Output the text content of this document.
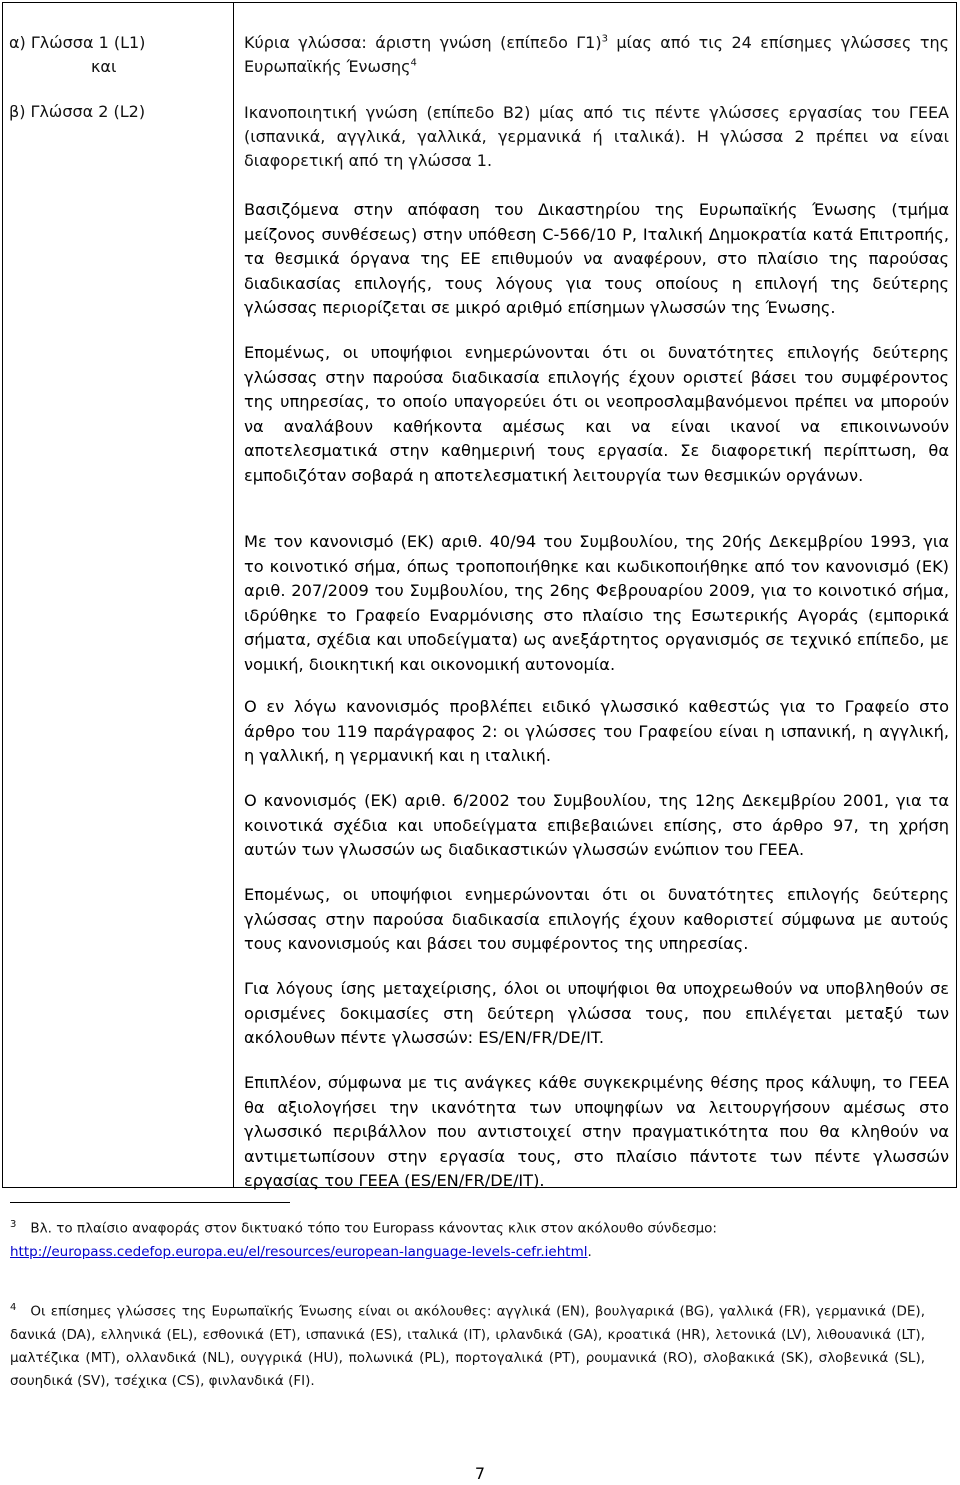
α) Γλώσσα 1 (L1)
και
β) Γλώσσα 2 (L2)
Κύρια γλώσσα: άριστη γνώση (επίπεδο Γ1)$^3$ μίας από τις 24 επίσημες γλώσσες της Ευρωπαϊκής Ένωσης$^4$
Ικανοποιητική γνώση (επίπεδο B2) μίας από τις πέντε γλώσσες εργασίας του ΓΕΕΑ (ισπανικά, αγγλικά, γαλλικά, γερμανικά ή ιταλικά). Η γλώσσα 2 πρέπει να είναι διαφορετική από τη γλώσσα 1.
Βασιζόμενα στην απόφαση του Δικαστηρίου της Ευρωπαϊκής Ένωσης (τμήμα μείζονος συνθέσεως) στην υπόθεση C-566/10 P, Ιταλική Δημοκρατία κατά Επιτροπής, τα θεσμικά όργανα της ΕΕ επιθυμούν να αναφέρουν, στο πλαίσιο της παρούσας διαδικασίας επιλογής, τους λόγους για τους οποίους η επιλογή της δεύτερης γλώσσας περιορίζεται σε μικρό αριθμό επίσημων γλωσσών της Ένωσης.
Επομένως, οι υποψήφιοι ενημερώνονται ότι οι δυνατότητες επιλογής δεύτερης γλώσσας στην παρούσα διαδικασία επιλογής έχουν οριστεί βάσει του συμφέροντος της υπηρεσίας, το οποίο υπαγορεύει ότι οι νεοπροσλαμβανόμενοι πρέπει να μπορούν να αναλάβουν καθήκοντα αμέσως και να είναι ικανοί να επικοινωνούν αποτελεσματικά στην καθημερινή τους εργασία. Σε διαφορετική περίπτωση, θα εμποδιζόταν σοβαρά η αποτελεσματική λειτουργία των θεσμικών οργάνων.
Με τον κανονισμό (ΕΚ) αριθ. 40/94 του Συμβουλίου, της 20ής Δεκεμβρίου 1993, για το κοινοτικό σήμα, όπως τροποποιήθηκε και κωδικοποιήθηκε από τον κανονισμό (ΕΚ) αριθ. 207/2009 του Συμβουλίου, της 26ης Φεβρουαρίου 2009, για το κοινοτικό σήμα, ιδρύθηκε το Γραφείο Εναρμόνισης στο πλαίσιο της Εσωτερικής Αγοράς (εμπορικά σήματα, σχέδια και υποδείγματα) ως ανεξάρτητος οργανισμός σε τεχνικό επίπεδο, με νομική, διοικητική και οικονομική αυτονομία.
Ο εν λόγω κανονισμός προβλέπει ειδικό γλωσσικό καθεστώς για το Γραφείο στο άρθρο του 119 παράγραφος 2: οι γλώσσες του Γραφείου είναι η ισπανική, η αγγλική, η γαλλική, η γερμανική και η ιταλική.
Ο κανονισμός (ΕΚ) αριθ. 6/2002 του Συμβουλίου, της 12ης Δεκεμβρίου 2001, για τα κοινοτικά σχέδια και υποδείγματα επιβεβαιώνει επίσης, στο άρθρο 97, τη χρήση αυτών των γλωσσών ως διαδικαστικών γλωσσών ενώπιον του ΓΕΕΑ.
Επομένως, οι υποψήφιοι ενημερώνονται ότι οι δυνατότητες επιλογής δεύτερης γλώσσας στην παρούσα διαδικασία επιλογής έχουν καθοριστεί σύμφωνα με αυτούς τους κανονισμούς και βάσει του συμφέροντος της υπηρεσίας.
Για λόγους ίσης μεταχείρισης, όλοι οι υποψήφιοι θα υποχρεωθούν να υποβληθούν σε ορισμένες δοκιμασίες στη δεύτερη γλώσσα τους, που επιλέγεται μεταξύ των ακόλουθων πέντε γλωσσών: ES/EN/FR/DE/IT.
Επιπλέον, σύμφωνα με τις ανάγκες κάθε συγκεκριμένης θέσης προς κάλυψη, το ΓΕΕΑ θα αξιολογήσει την ικανότητα των υποψηφίων να λειτουργήσουν αμέσως στο γλωσσικό περιβάλλον που αντιστοιχεί στην πραγματικότητα που θα κληθούν να αντιμετωπίσουν στην εργασία τους, στο πλαίσιο πάντοτε των πέντε γλωσσών εργασίας του ΓΕΕΑ (ES/EN/FR/DE/IT).
$^3$ Βλ. το πλαίσιο αναφοράς στον δικτυακό τόπο του Europass κάνοντας κλικ στον ακόλουθο σύνδεσμο:
http://europass.cedefop.europa.eu/el/resources/european-language-levels-cefr.iehtml.
$^4$ Οι επίσημες γλώσσες της Ευρωπαϊκής Ένωσης είναι οι ακόλουθες: αγγλικά (EN), βουλγαρικά (BG), γαλλικά (FR), γερμανικά (DE), δανικά (DA), ελληνικά (EL), εσθονικά (ET), ισπανικά (ES), ιταλικά (IT), ιρλανδικά (GA), κροατικά (HR), λετονικά (LV), λιθουανικά (LT), μαλτέζικα (MT), ολλανδικά (NL), ουγγρικά (HU), πολωνικά (PL), πορτογαλικά (PT), ρουμανικά (RO), σλοβακικά (SK), σλοβενικά (SL), σουηδικά (SV), τσέχικα (CS), φινλανδικά (FI).
7
